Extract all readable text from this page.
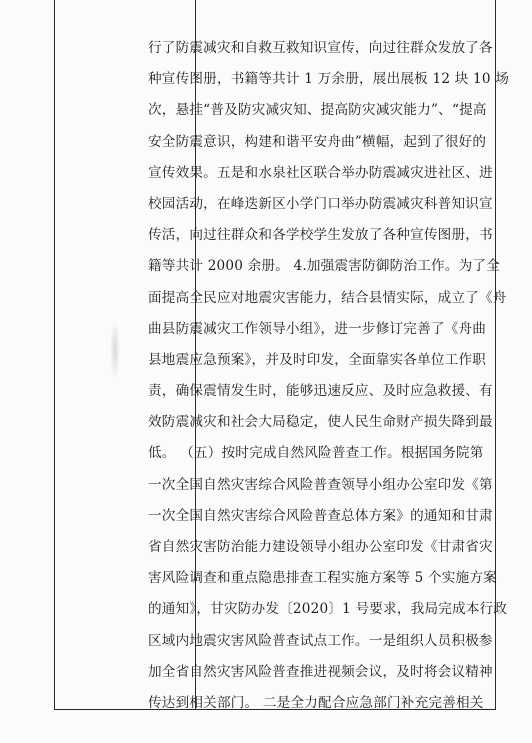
行了防震减灾和自救互救知识宣传，向过往群众发放了各
种宣传图册，书籍等共计 1 万余册，展出展板 12 块 10 场
次，悬挂“普及防灾减灾知、提高防灾减灾能力”、“提高
安全防震意识，构建和谐平安舟曲”横幅，起到了很好的
宣传效果。五是和水泉社区联合举办防震减灾进社区、进
校园活动，在峰迭新区小学门口举办防震减灾科普知识宣
传活，向过往群众和各学校学生发放了各种宣传图册，书
籍等共计 2000 余册。 4.加强震害防御防治工作。为了全
面提高全民应对地震灾害能力，结合县情实际，成立了《舟
曲县防震减灾工作领导小组》，进一步修订完善了《舟曲
县地震应急预案》，并及时印发，全面靠实各单位工作职
责，确保震情发生时，能够迅速反应、及时应急救援、有
效防震减灾和社会大局稳定，使人民生命财产损失降到最
低。 （五）按时完成自然风险普查工作。根据国务院第
一次全国自然灾害综合风险普查领导小组办公室印发《第
一次全国自然灾害综合风险普查总体方案》的通知和甘肃
省自然灾害防治能力建设领导小组办公室印发《甘肃省灾
害风险调查和重点隐患排查工程实施方案等 5 个实施方案
的通知》，甘灾防办发〔2020〕1 号要求，我局完成本行政
区域内地震灾害风险普查试点工作。一是组织人员积极参
加全省自然灾害风险普查推进视频会议，及时将会议精神
传达到相关部门。 二是全力配合应急部门补充完善相关
